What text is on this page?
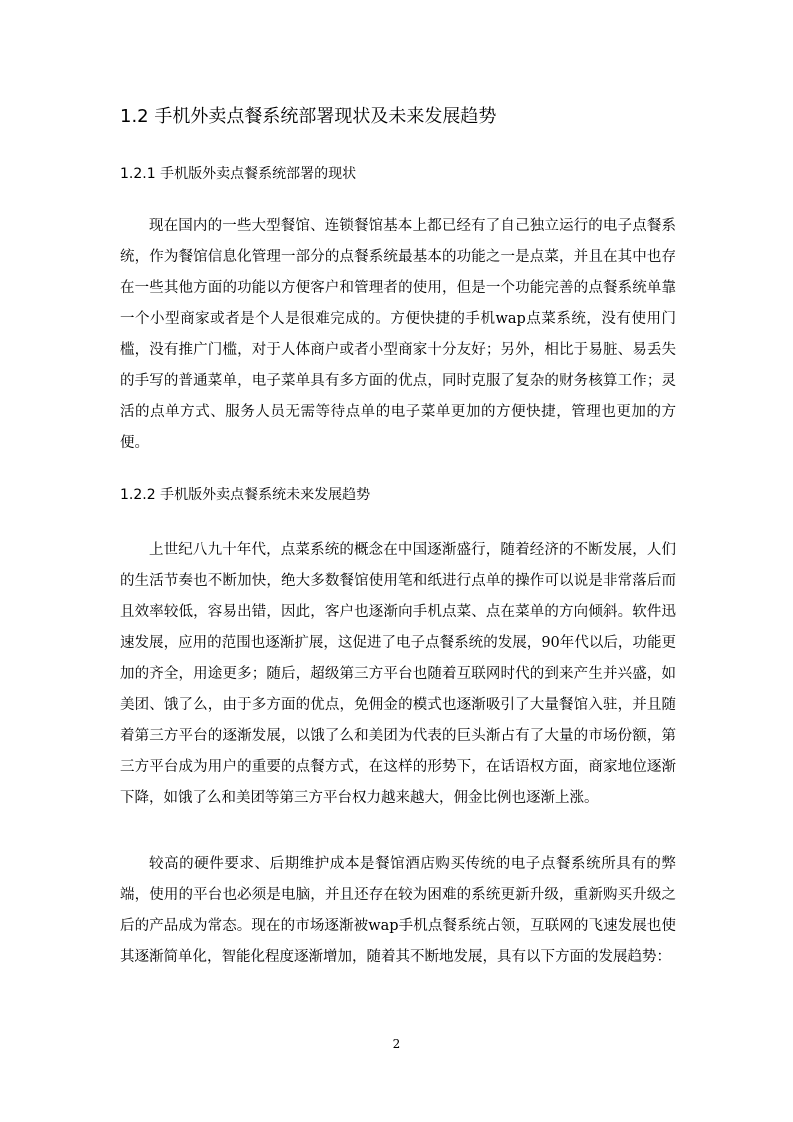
1.2 手机外卖点餐系统部署现状及未来发展趋势
1.2.1 手机版外卖点餐系统部署的现状

现在国内的一些大型餐馆、连锁餐馆基本上都已经有了自己独立运行的电子点餐系统，作为餐馆信息化管理一部分的点餐系统最基本的功能之一是点菜，并且在其中也存在一些其他方面的功能以方便客户和管理者的使用，但是一个功能完善的点餐系统单靠一个小型商家或者是个人是很难完成的。方便快捷的手机wap点菜系统，没有使用门槛，没有推广门槛，对于人体商户或者小型商家十分友好；另外，相比于易脏、易丢失的手写的普通菜单，电子菜单具有多方面的优点，同时克服了复杂的财务核算工作；灵活的点单方式、服务人员无需等待点单的电子菜单更加的方便快捷，管理也更加的方便。

1.2.2 手机版外卖点餐系统未来发展趋势

上世纪八九十年代，点菜系统的概念在中国逐渐盛行，随着经济的不断发展，人们的生活节奏也不断加快，绝大多数餐馆使用笔和纸进行点单的操作可以说是非常落后而且效率较低，容易出错，因此，客户也逐渐向手机点菜、点在菜单的方向倾斜。软件迅速发展，应用的范围也逐渐扩展，这促进了电子点餐系统的发展，90年代以后，功能更加的齐全，用途更多；随后，超级第三方平台也随着互联网时代的到来产生并兴盛，如美团、饿了么，由于多方面的优点，免佣金的模式也逐渐吸引了大量餐馆入驻，并且随着第三方平台的逐渐发展，以饿了么和美团为代表的巨头渐占有了大量的市场份额，第三方平台成为用户的重要的点餐方式，在这样的形势下，在话语权方面，商家地位逐渐下降，如饿了么和美团等第三方平台权力越来越大，佣金比例也逐渐上涨。

较高的硬件要求、后期维护成本是餐馆酒店购买传统的电子点餐系统所具有的弊端，使用的平台也必须是电脑，并且还存在较为困难的系统更新升级，重新购买升级之后的产品成为常态。现在的市场逐渐被wap手机点餐系统占领，互联网的飞速发展也使其逐渐简单化，智能化程度逐渐增加，随着其不断地发展，具有以下方面的发展趋势：

2
